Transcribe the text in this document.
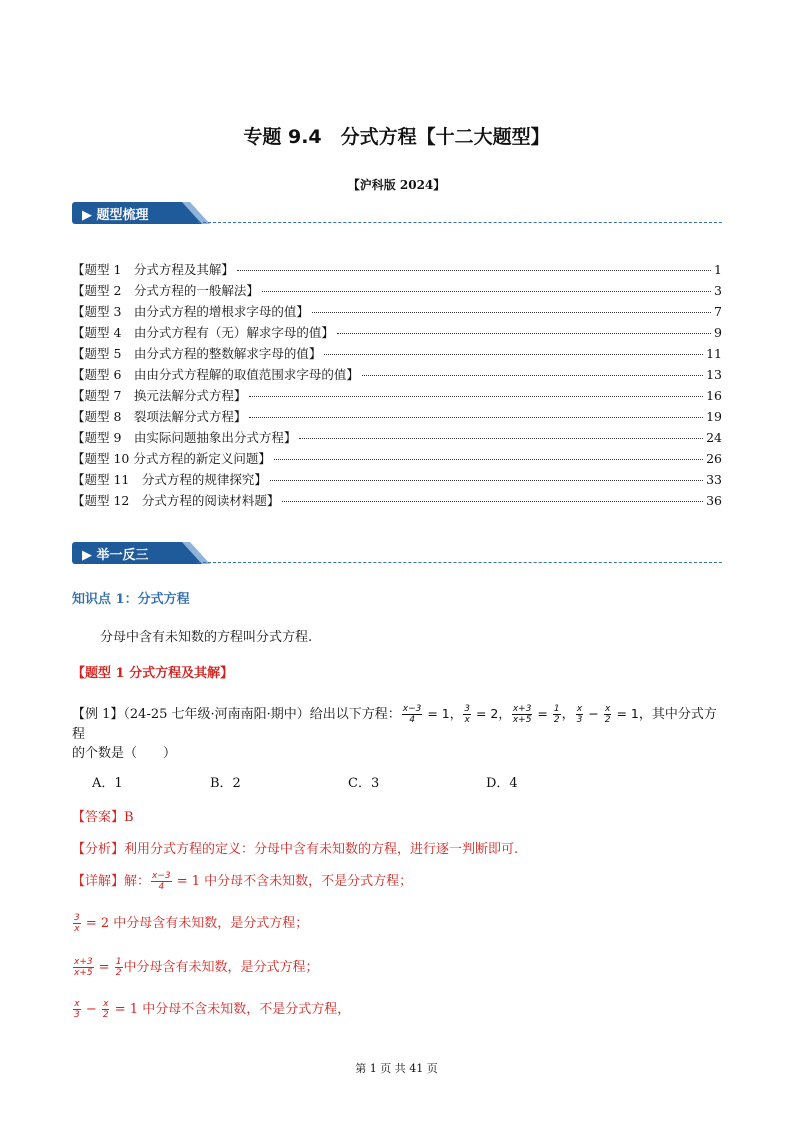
专题 9.4　分式方程【十二大题型】
【沪科版 2024】
▶ 题型梳理
【题型 1　分式方程及其解】	1
【题型 2　分式方程的一般解法】	3
【题型 3　由分式方程的增根求字母的值】	7
【题型 4　由分式方程有（无）解求字母的值】	9
【题型 5　由分式方程的整数解求字母的值】	11
【题型 6　由由分式方程解的取值范围求字母的值】	13
【题型 7　换元法解分式方程】	16
【题型 8　裂项法解分式方程】	19
【题型 9　由实际问题抽象出分式方程】	24
【题型 10 分式方程的新定义问题】	26
【题型 11　分式方程的规律探究】	33
【题型 12　分式方程的阅读材料题】	36
▶ 举一反三
知识点 1：分式方程
分母中含有未知数的方程叫分式方程.
【题型 1 分式方程及其解】
【例 1】（24-25 七年级·河南南阳·期中）给出以下方程： $\frac{x-3}{4} = 1$， $\frac{3}{x} = 2$， $\frac{x+3}{x+5} = \frac{1}{2}$ ， $\frac{x}{3} - \frac{x}{2} = 1$，其中分式方程
的个数是（　　）
A．1	B．2	C．3	D．4
【答案】B
【分析】利用分式方程的定义：分母中含有未知数的方程，进行逐一判断即可.
【详解】解： $\frac{x-3}{4} = 1$ 中分母不含未知数，不是分式方程；
$\frac{3}{x} = 2$ 中分母含有未知数，是分式方程；
$\frac{x+3}{x+5} = \frac{1}{2}$ 中分母含有未知数，是分式方程；
$\frac{x}{3} - \frac{x}{2} = 1$ 中分母不含未知数，不是分式方程，
第 1 页 共 41 页
